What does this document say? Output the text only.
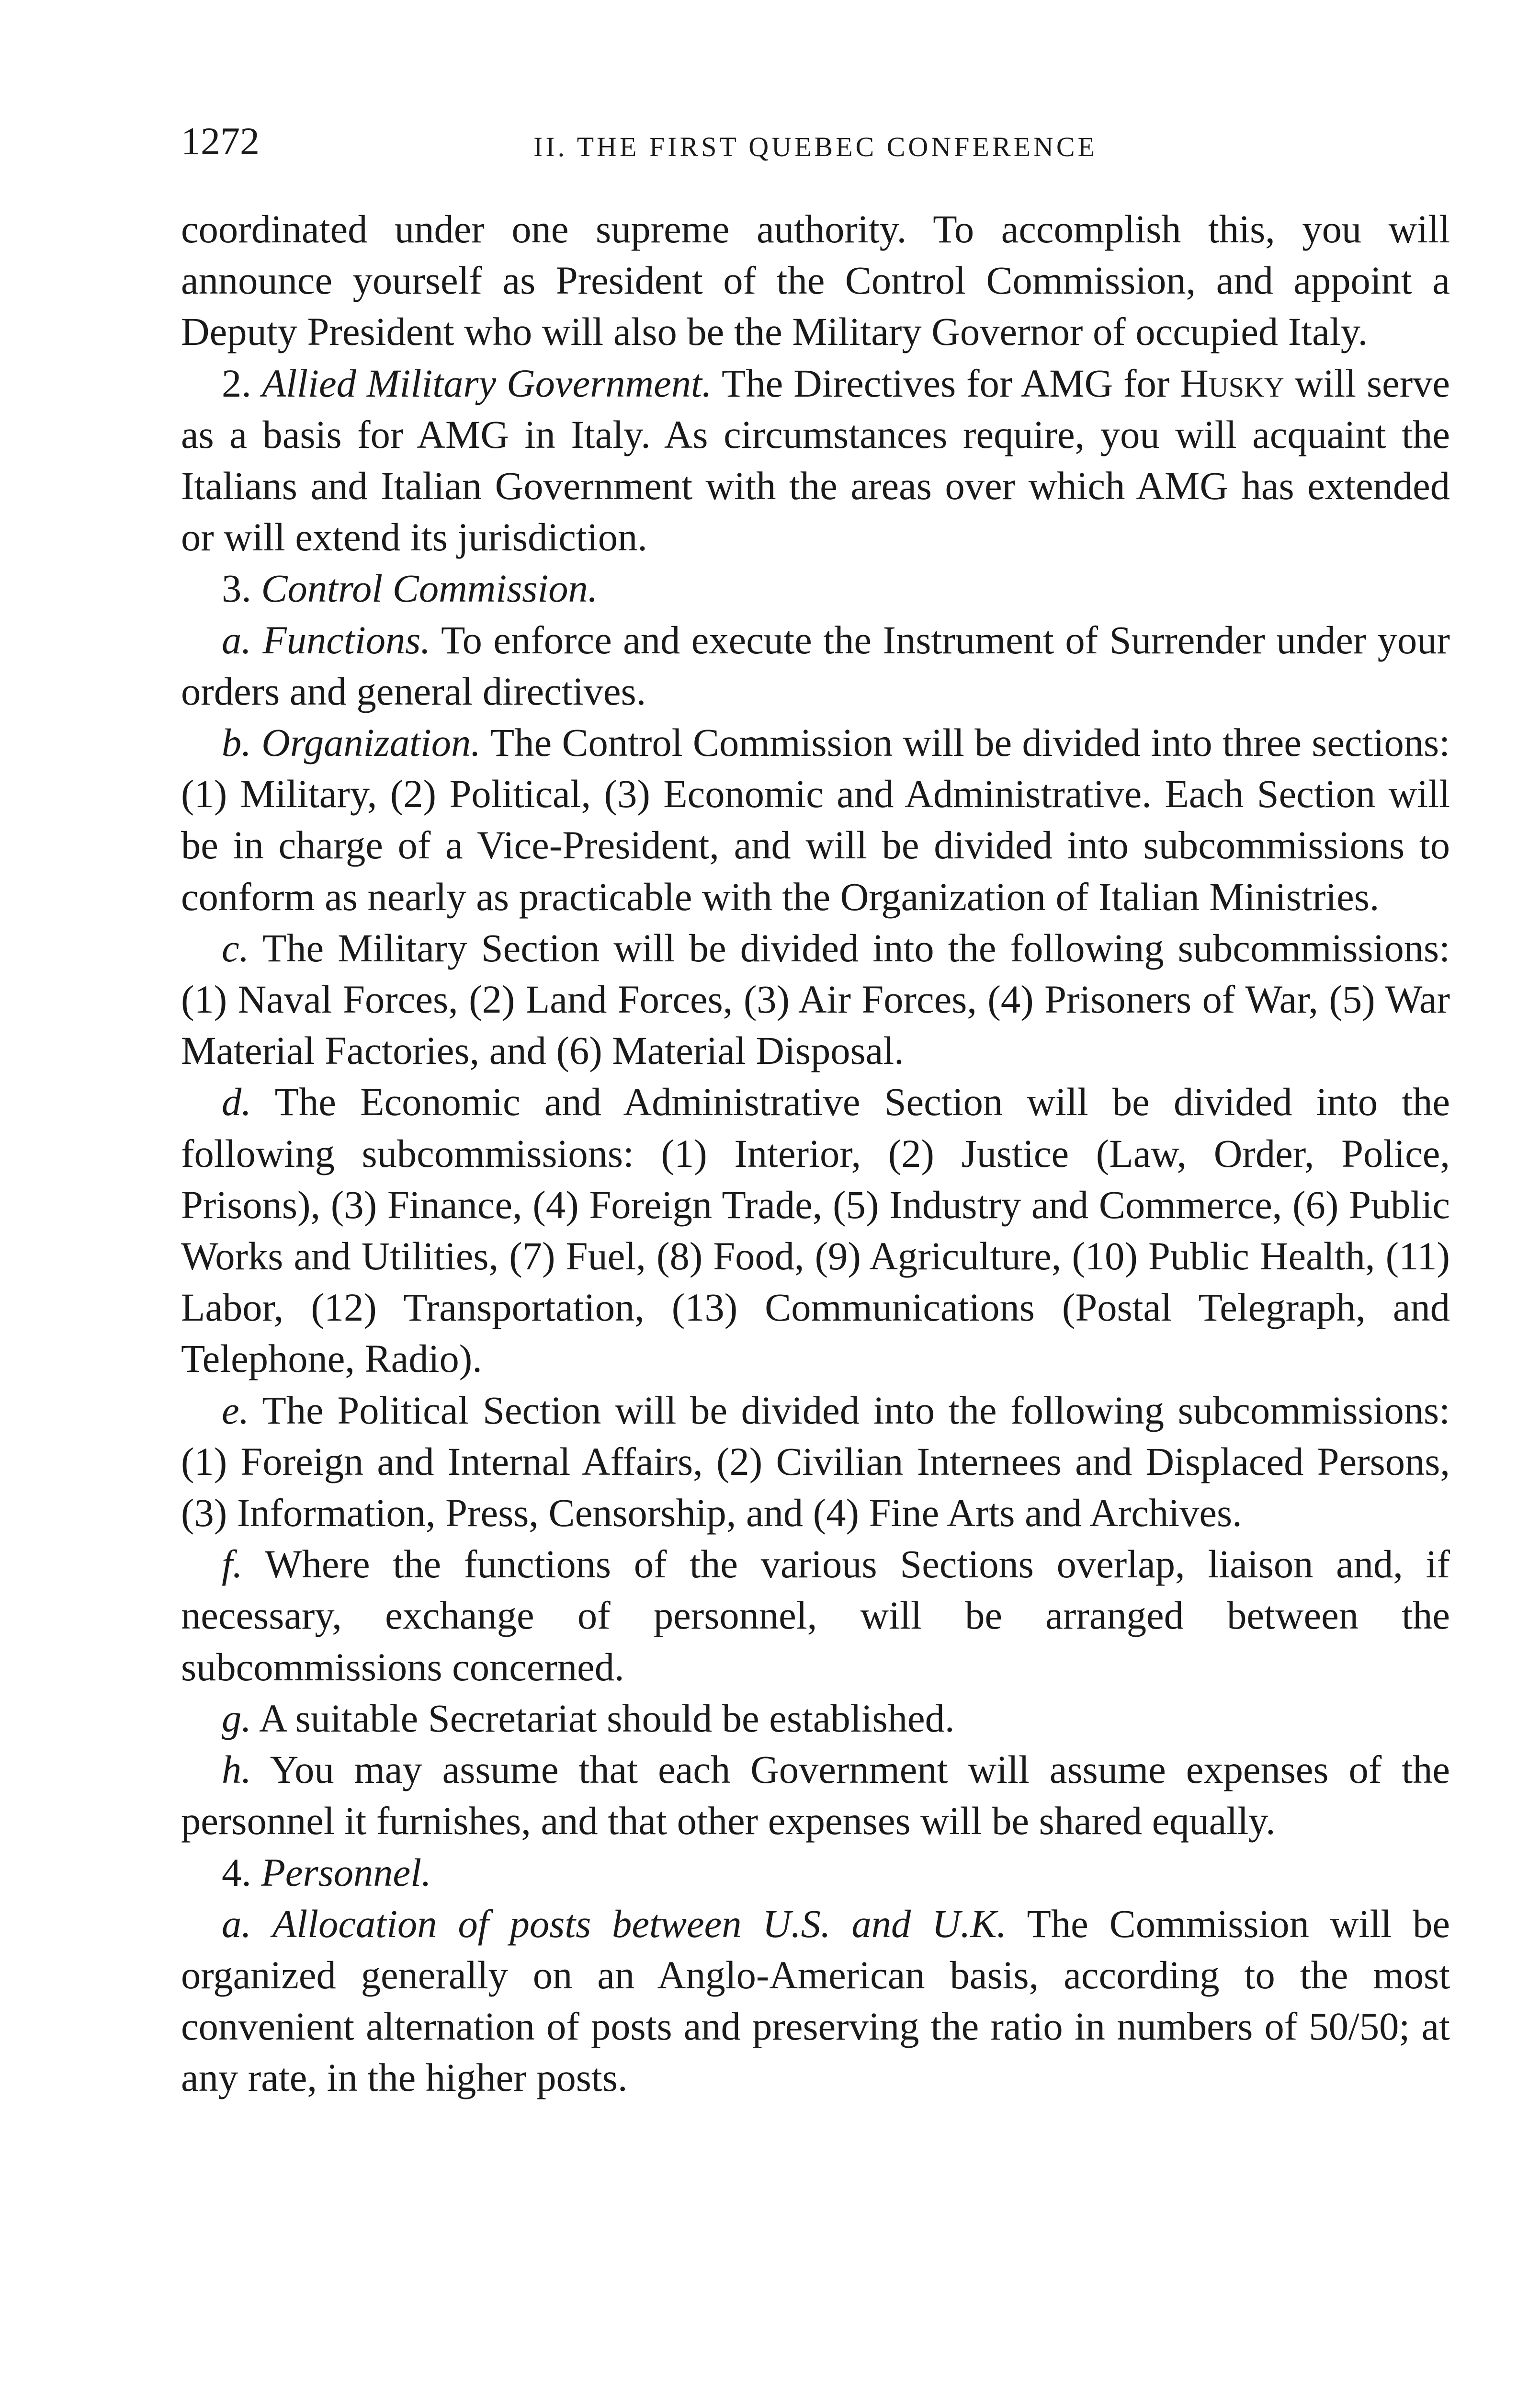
1272	II. THE FIRST QUEBEC CONFERENCE

coordinated under one supreme authority. To accomplish this, you will announce yourself as President of the Control Commission, and appoint a Deputy President who will also be the Military Governor of occupied Italy.

2. Allied Military Government. The Directives for AMG for Husky will serve as a basis for AMG in Italy. As circumstances require, you will acquaint the Italians and Italian Government with the areas over which AMG has extended or will extend its jurisdiction.

3. Control Commission.

a. Functions. To enforce and execute the Instrument of Surrender under your orders and general directives.

b. Organization. The Control Commission will be divided into three sections: (1) Military, (2) Political, (3) Economic and Administrative. Each Section will be in charge of a Vice-President, and will be divided into subcommissions to conform as nearly as practicable with the Organization of Italian Ministries.

c. The Military Section will be divided into the following subcommissions: (1) Naval Forces, (2) Land Forces, (3) Air Forces, (4) Prisoners of War, (5) War Material Factories, and (6) Material Disposal.

d. The Economic and Administrative Section will be divided into the following subcommissions: (1) Interior, (2) Justice (Law, Order, Police, Prisons), (3) Finance, (4) Foreign Trade, (5) Industry and Commerce, (6) Public Works and Utilities, (7) Fuel, (8) Food, (9) Agriculture, (10) Public Health, (11) Labor, (12) Transportation, (13) Communications (Postal Telegraph, and Telephone, Radio).

e. The Political Section will be divided into the following subcommissions: (1) Foreign and Internal Affairs, (2) Civilian Internees and Displaced Persons, (3) Information, Press, Censorship, and (4) Fine Arts and Archives.

f. Where the functions of the various Sections overlap, liaison and, if necessary, exchange of personnel, will be arranged between the subcommissions concerned.

g. A suitable Secretariat should be established.

h. You may assume that each Government will assume expenses of the personnel it furnishes, and that other expenses will be shared equally.

4. Personnel.

a. Allocation of posts between U.S. and U.K. The Commission will be organized generally on an Anglo-American basis, according to the most convenient alternation of posts and preserving the ratio in numbers of 50/50; at any rate, in the higher posts.
